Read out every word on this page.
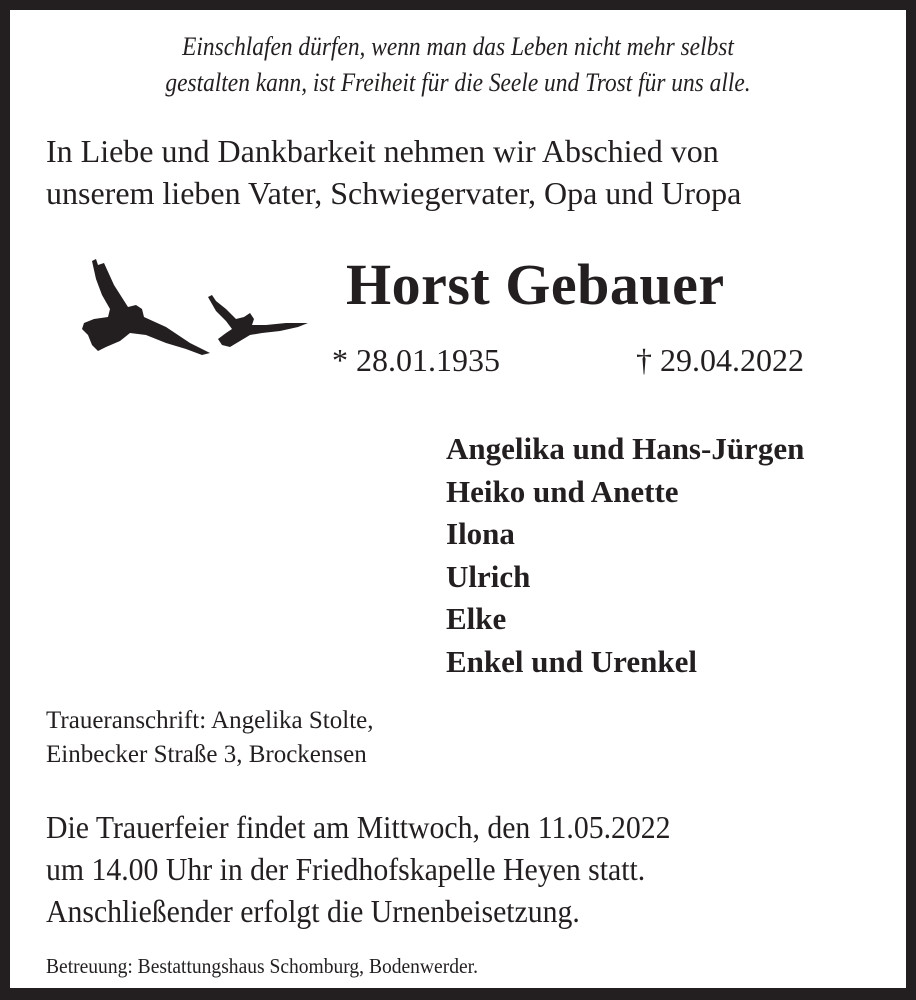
Einschlafen dürfen, wenn man das Leben nicht mehr selbst
gestalten kann, ist Freiheit für die Seele und Trost für uns alle.
In Liebe und Dankbarkeit nehmen wir Abschied von
unserem lieben Vater, Schwiegervater, Opa und Uropa
Horst Gebauer
* 28.01.1935	† 29.04.2022
Angelika und Hans-Jürgen
Heiko und Anette
Ilona
Ulrich
Elke
Enkel und Urenkel
Traueranschrift: Angelika Stolte,
Einbecker Straße 3, Brockensen
Die Trauerfeier findet am Mittwoch, den 11.05.2022
um 14.00 Uhr in der Friedhofskapelle Heyen statt.
Anschließender erfolgt die Urnenbeisetzung.
Betreuung: Bestattungshaus Schomburg, Bodenwerder.
